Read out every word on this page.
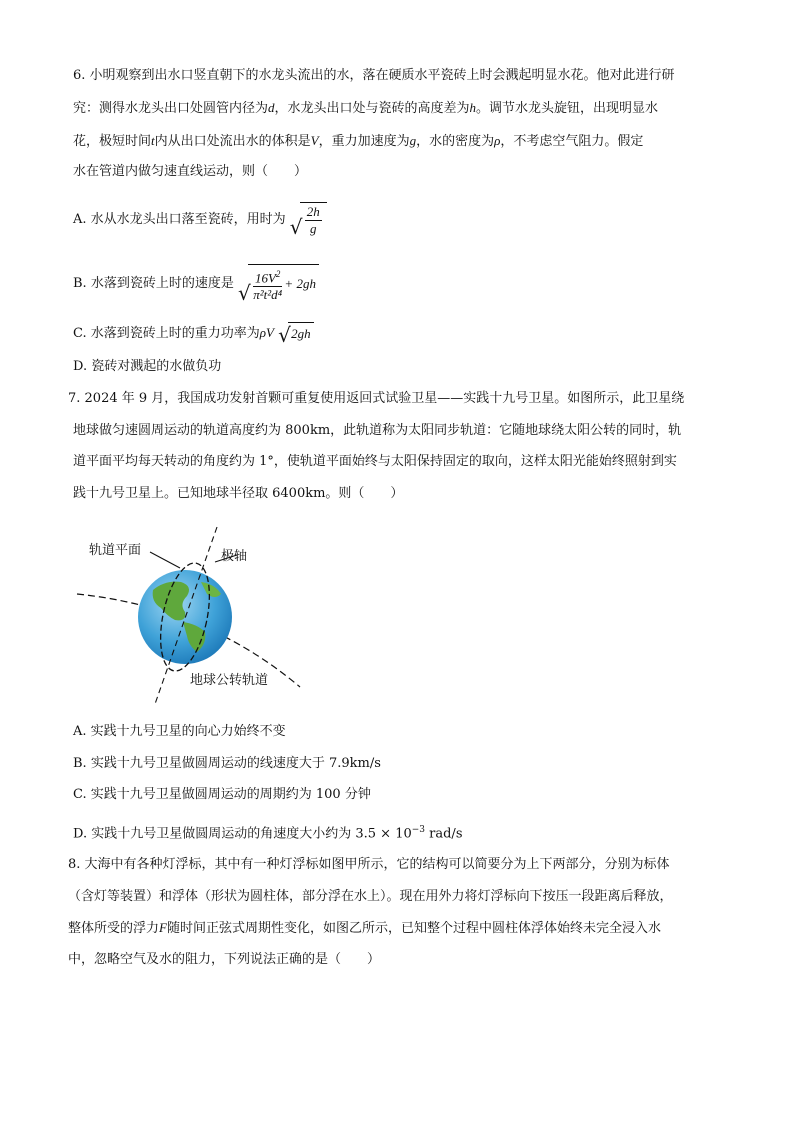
6. 小明观察到出水口竖直朝下的水龙头流出的水，落在硬质水平瓷砖上时会溅起明显水花。他对此进行研
究：测得水龙头出口处圆管内径为d，水龙头出口处与瓷砖的高度差为h。调节水龙头旋钮，出现明显水
花，极短时间t内从出口处流出水的体积是V，重力加速度为g，水的密度为ρ，不考虑空气阻力。假定
水在管道内做匀速直线运动，则（　　）
A. 水从水龙头出口落至瓷砖，用时为 √ $\frac{2h}{g}$
B. 水落到瓷砖上时的速度是 √ $\frac{16V^2}{\text{π²t²d⁴}} + 2gh$
C. 水落到瓷砖上时的重力功率为ρV √ 2gh
D. 瓷砖对溅起的水做负功
7. 2024 年 9 月，我国成功发射首颗可重复使用返回式试验卫星——实践十九号卫星。如图所示，此卫星绕
地球做匀速圆周运动的轨道高度约为 800km，此轨道称为太阳同步轨道：它随地球绕太阳公转的同时，轨
道平面平均每天转动的角度约为 1°，使轨道平面始终与太阳保持固定的取向，这样太阳光能始终照射到实
践十九号卫星上。已知地球半径取 6400km。则（　　）
轨道平面	极轴
地球公转轨道
A. 实践十九号卫星的向心力始终不变
B. 实践十九号卫星做圆周运动的线速度大于 7.9km/s
C. 实践十九号卫星做圆周运动的周期约为 100 分钟
D. 实践十九号卫星做圆周运动的角速度大小约为 $3.5 \times 10^{-3}$ rad/s
8. 大海中有各种灯浮标，其中有一种灯浮标如图甲所示，它的结构可以简要分为上下两部分，分别为标体
（含灯等装置）和浮体（形状为圆柱体，部分浮在水上）。现在用外力将灯浮标向下按压一段距离后释放，
整体所受的浮力F随时间正弦式周期性变化，如图乙所示，已知整个过程中圆柱体浮体始终未完全浸入水
中，忽略空气及水的阻力，下列说法正确的是（　　）
